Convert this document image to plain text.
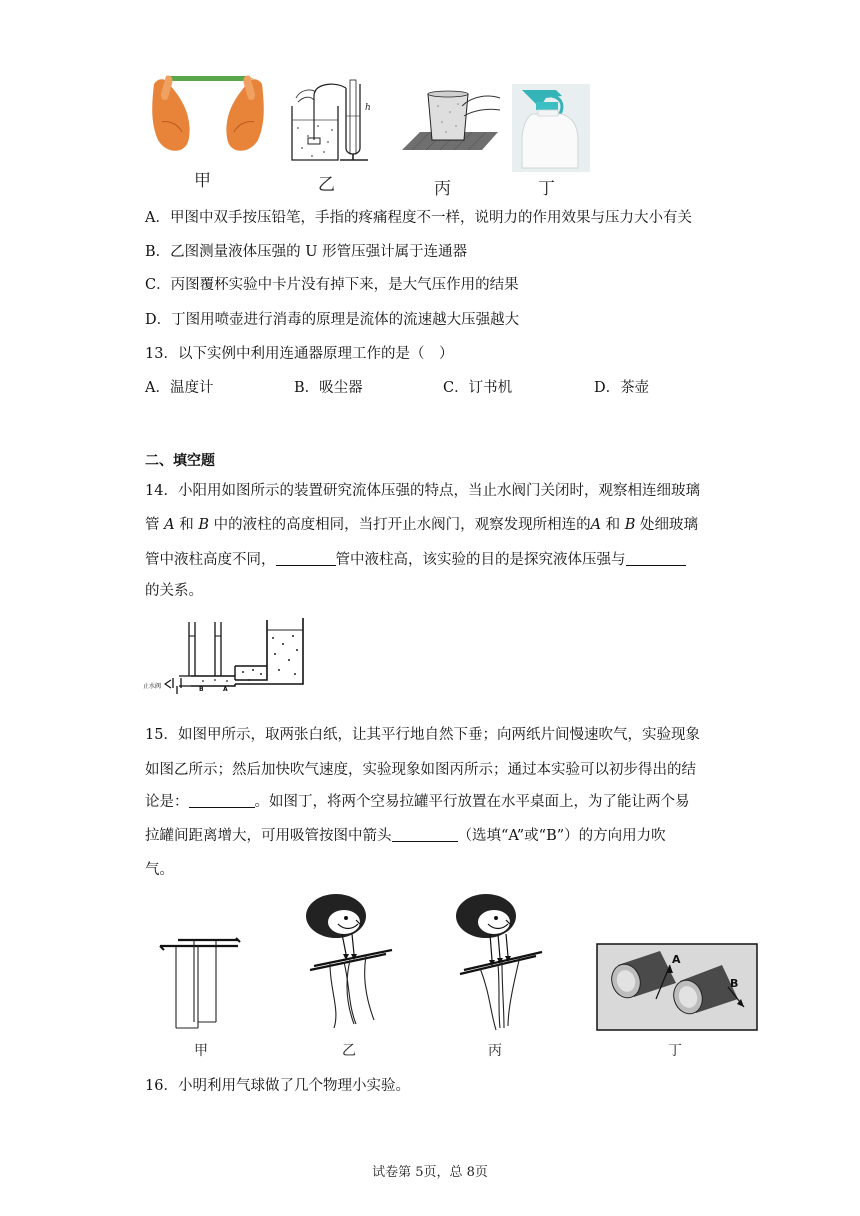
h
甲	乙	丙	丁
A．甲图中双手按压铅笔，手指的疼痛程度不一样，说明力的作用效果与压力大小有关
B．乙图测量液体压强的 U 形管压强计属于连通器
C．丙图覆杯实验中卡片没有掉下来，是大气压作用的结果
D．丁图用喷壶进行消毒的原理是流体的流速越大压强越大
13．以下实例中利用连通器原理工作的是（　）
A．温度计	B．吸尘器	C．订书机	D．茶壶
二、填空题
14．小阳用如图所示的装置研究流体压强的特点，当止水阀门关闭时，观察相连细玻璃
管 A 和 B 中的液柱的高度相同，当打开止水阀门，观察发现所相连的A 和 B 处细玻璃
管中液柱高度不同，	管中液柱高，该实验的目的是探究液体压强与
的关系。
止水阀	B	A
15．如图甲所示，取两张白纸，让其平行地自然下垂；向两纸片间慢速吹气，实验现象
如图乙所示；然后加快吹气速度，实验现象如图丙所示；通过本实验可以初步得出的结
论是：	。如图丁，将两个空易拉罐平行放置在水平桌面上，为了能让两个易
拉罐间距离增大，可用吸管按图中箭头	（选填“A”或“B”）的方向用力吹
气。
A
B
甲	乙	丙	丁
16．小明利用气球做了几个物理小实验。
试卷第 5页，总 8页
